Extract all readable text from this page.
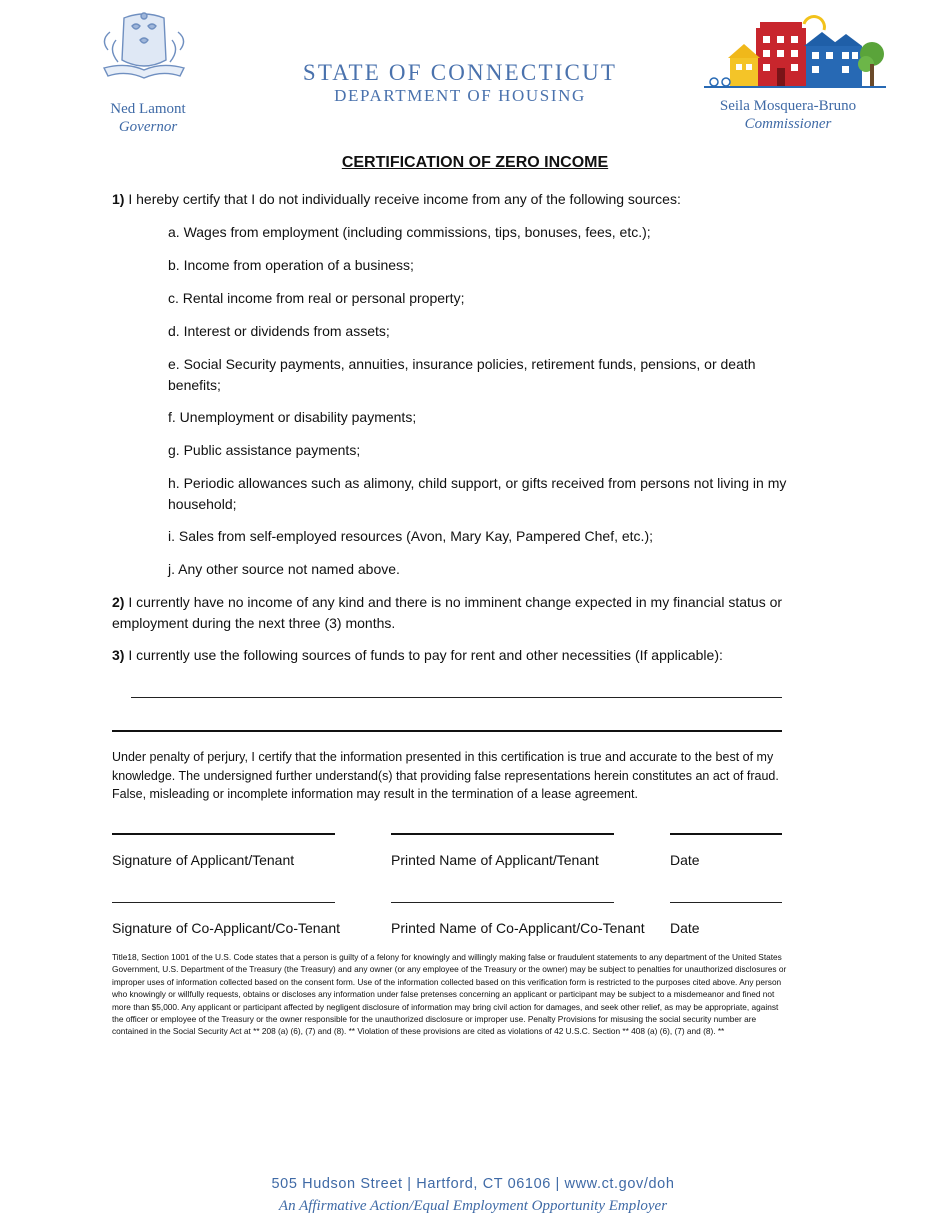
Ned Lamont
Governor
STATE OF CONNECTICUT
DEPARTMENT OF HOUSING
Seila Mosquera-Bruno
Commissioner
CERTIFICATION OF ZERO INCOME
1) I hereby certify that I do not individually receive income from any of the following sources:
a. Wages from employment (including commissions, tips, bonuses, fees, etc.);
b. Income from operation of a business;
c. Rental income from real or personal property;
d. Interest or dividends from assets;
e. Social Security payments, annuities, insurance policies, retirement funds, pensions, or death benefits;
f. Unemployment or disability payments;
g. Public assistance payments;
h. Periodic allowances such as alimony, child support, or gifts received from persons not living in my household;
i. Sales from self-employed resources (Avon, Mary Kay, Pampered Chef, etc.);
j. Any other source not named above.
2) I currently have no income of any kind and there is no imminent change expected in my financial status or employment during the next three (3) months.
3) I currently use the following sources of funds to pay for rent and other necessities (If applicable):
Under penalty of perjury, I certify that the information presented in this certification is true and accurate to the best of my knowledge. The undersigned further understand(s) that providing false representations herein constitutes an act of fraud. False, misleading or incomplete information may result in the termination of a lease agreement.
Signature of Applicant/Tenant	Printed Name of Applicant/Tenant	Date
Signature of Co-Applicant/Co-Tenant	Printed Name of Co-Applicant/Co-Tenant Date
Title18, Section 1001 of the U.S. Code states that a person is guilty of a felony for knowingly and willingly making false or fraudulent statements to any department of the United States Government, U.S. Department of the Treasury (the Treasury) and any owner (or any employee of the Treasury or the owner) may be subject to penalties for unauthorized disclosures or improper uses of information collected based on the consent form. Use of the information collected based on this verification form is restricted to the purposes cited above. Any person who knowingly or willfully requests, obtains or discloses any information under false pretenses concerning an applicant or participant may be subject to a misdemeanor and fined not more than $5,000. Any applicant or participant affected by negligent disclosure of information may bring civil action for damages, and seek other relief, as may be appropriate, against the officer or employee of the Treasury or the owner responsible for the unauthorized disclosure or improper use. Penalty Provisions for misusing the social security number are contained in the Social Security Act at ** 208 (a) (6), (7) and (8). ** Violation of these provisions are cited as violations of 42 U.S.C. Section ** 408 (a) (6), (7) and (8). **
505 Hudson Street | Hartford, CT 06106 | www.ct.gov/doh
An Affirmative Action/Equal Employment Opportunity Employer
